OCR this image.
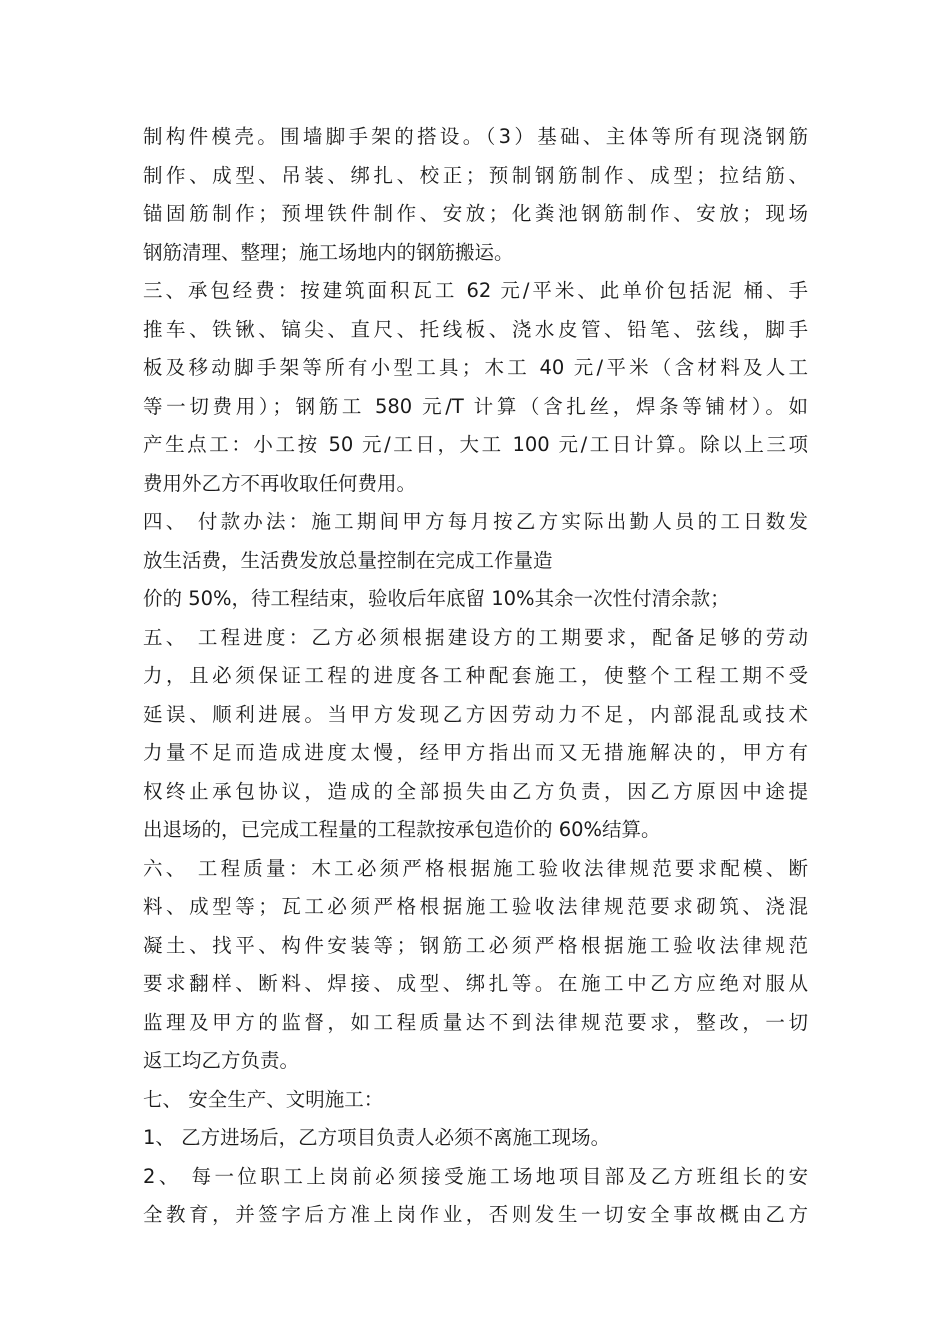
制构件模壳。围墙脚手架的搭设。（3）基础、主体等所有现浇钢筋
制作、成型、吊装、绑扎、校正；预制钢筋制作、成型；拉结筋、
锚固筋制作；预埋铁件制作、安放；化粪池钢筋制作、安放；现场
钢筋清理、整理；施工场地内的钢筋搬运。
三、承包经费：按建筑面积瓦工 62 元/平米、此单价包括泥 桶、手
推车、铁锹、镐尖、直尺、托线板、浇水皮管、铅笔、弦线，脚手
板及移动脚手架等所有小型工具；木工 40 元/平米（含材料及人工
等一切费用）；钢筋工 580 元/T 计算（含扎丝，焊条等铺材）。如
产生点工：小工按 50 元/工日，大工 100 元/工日计算。除以上三项
费用外乙方不再收取任何费用。
四、 付款办法：施工期间甲方每月按乙方实际出勤人员的工日数发
放生活费，生活费发放总量控制在完成工作量造
价的 50%，待工程结束，验收后年底留 10%其余一次性付清余款；
五、 工程进度：乙方必须根据建设方的工期要求，配备足够的劳动
力，且必须保证工程的进度各工种配套施工，使整个工程工期不受
延误、顺利进展。当甲方发现乙方因劳动力不足，内部混乱或技术
力量不足而造成进度太慢，经甲方指出而又无措施解决的，甲方有
权终止承包协议，造成的全部损失由乙方负责，因乙方原因中途提
出退场的，已完成工程量的工程款按承包造价的 60%结算。
六、 工程质量：木工必须严格根据施工验收法律规范要求配模、断
料、成型等；瓦工必须严格根据施工验收法律规范要求砌筑、浇混
凝土、找平、构件安装等；钢筋工必须严格根据施工验收法律规范
要求翻样、断料、焊接、成型、绑扎等。在施工中乙方应绝对服从
监理及甲方的监督，如工程质量达不到法律规范要求，整改，一切
返工均乙方负责。
七、 安全生产、文明施工：
1、 乙方进场后，乙方项目负责人必须不离施工现场。
2、 每一位职工上岗前必须接受施工场地项目部及乙方班组长的安
全教育，并签字后方准上岗作业，否则发生一切安全事故概由乙方
